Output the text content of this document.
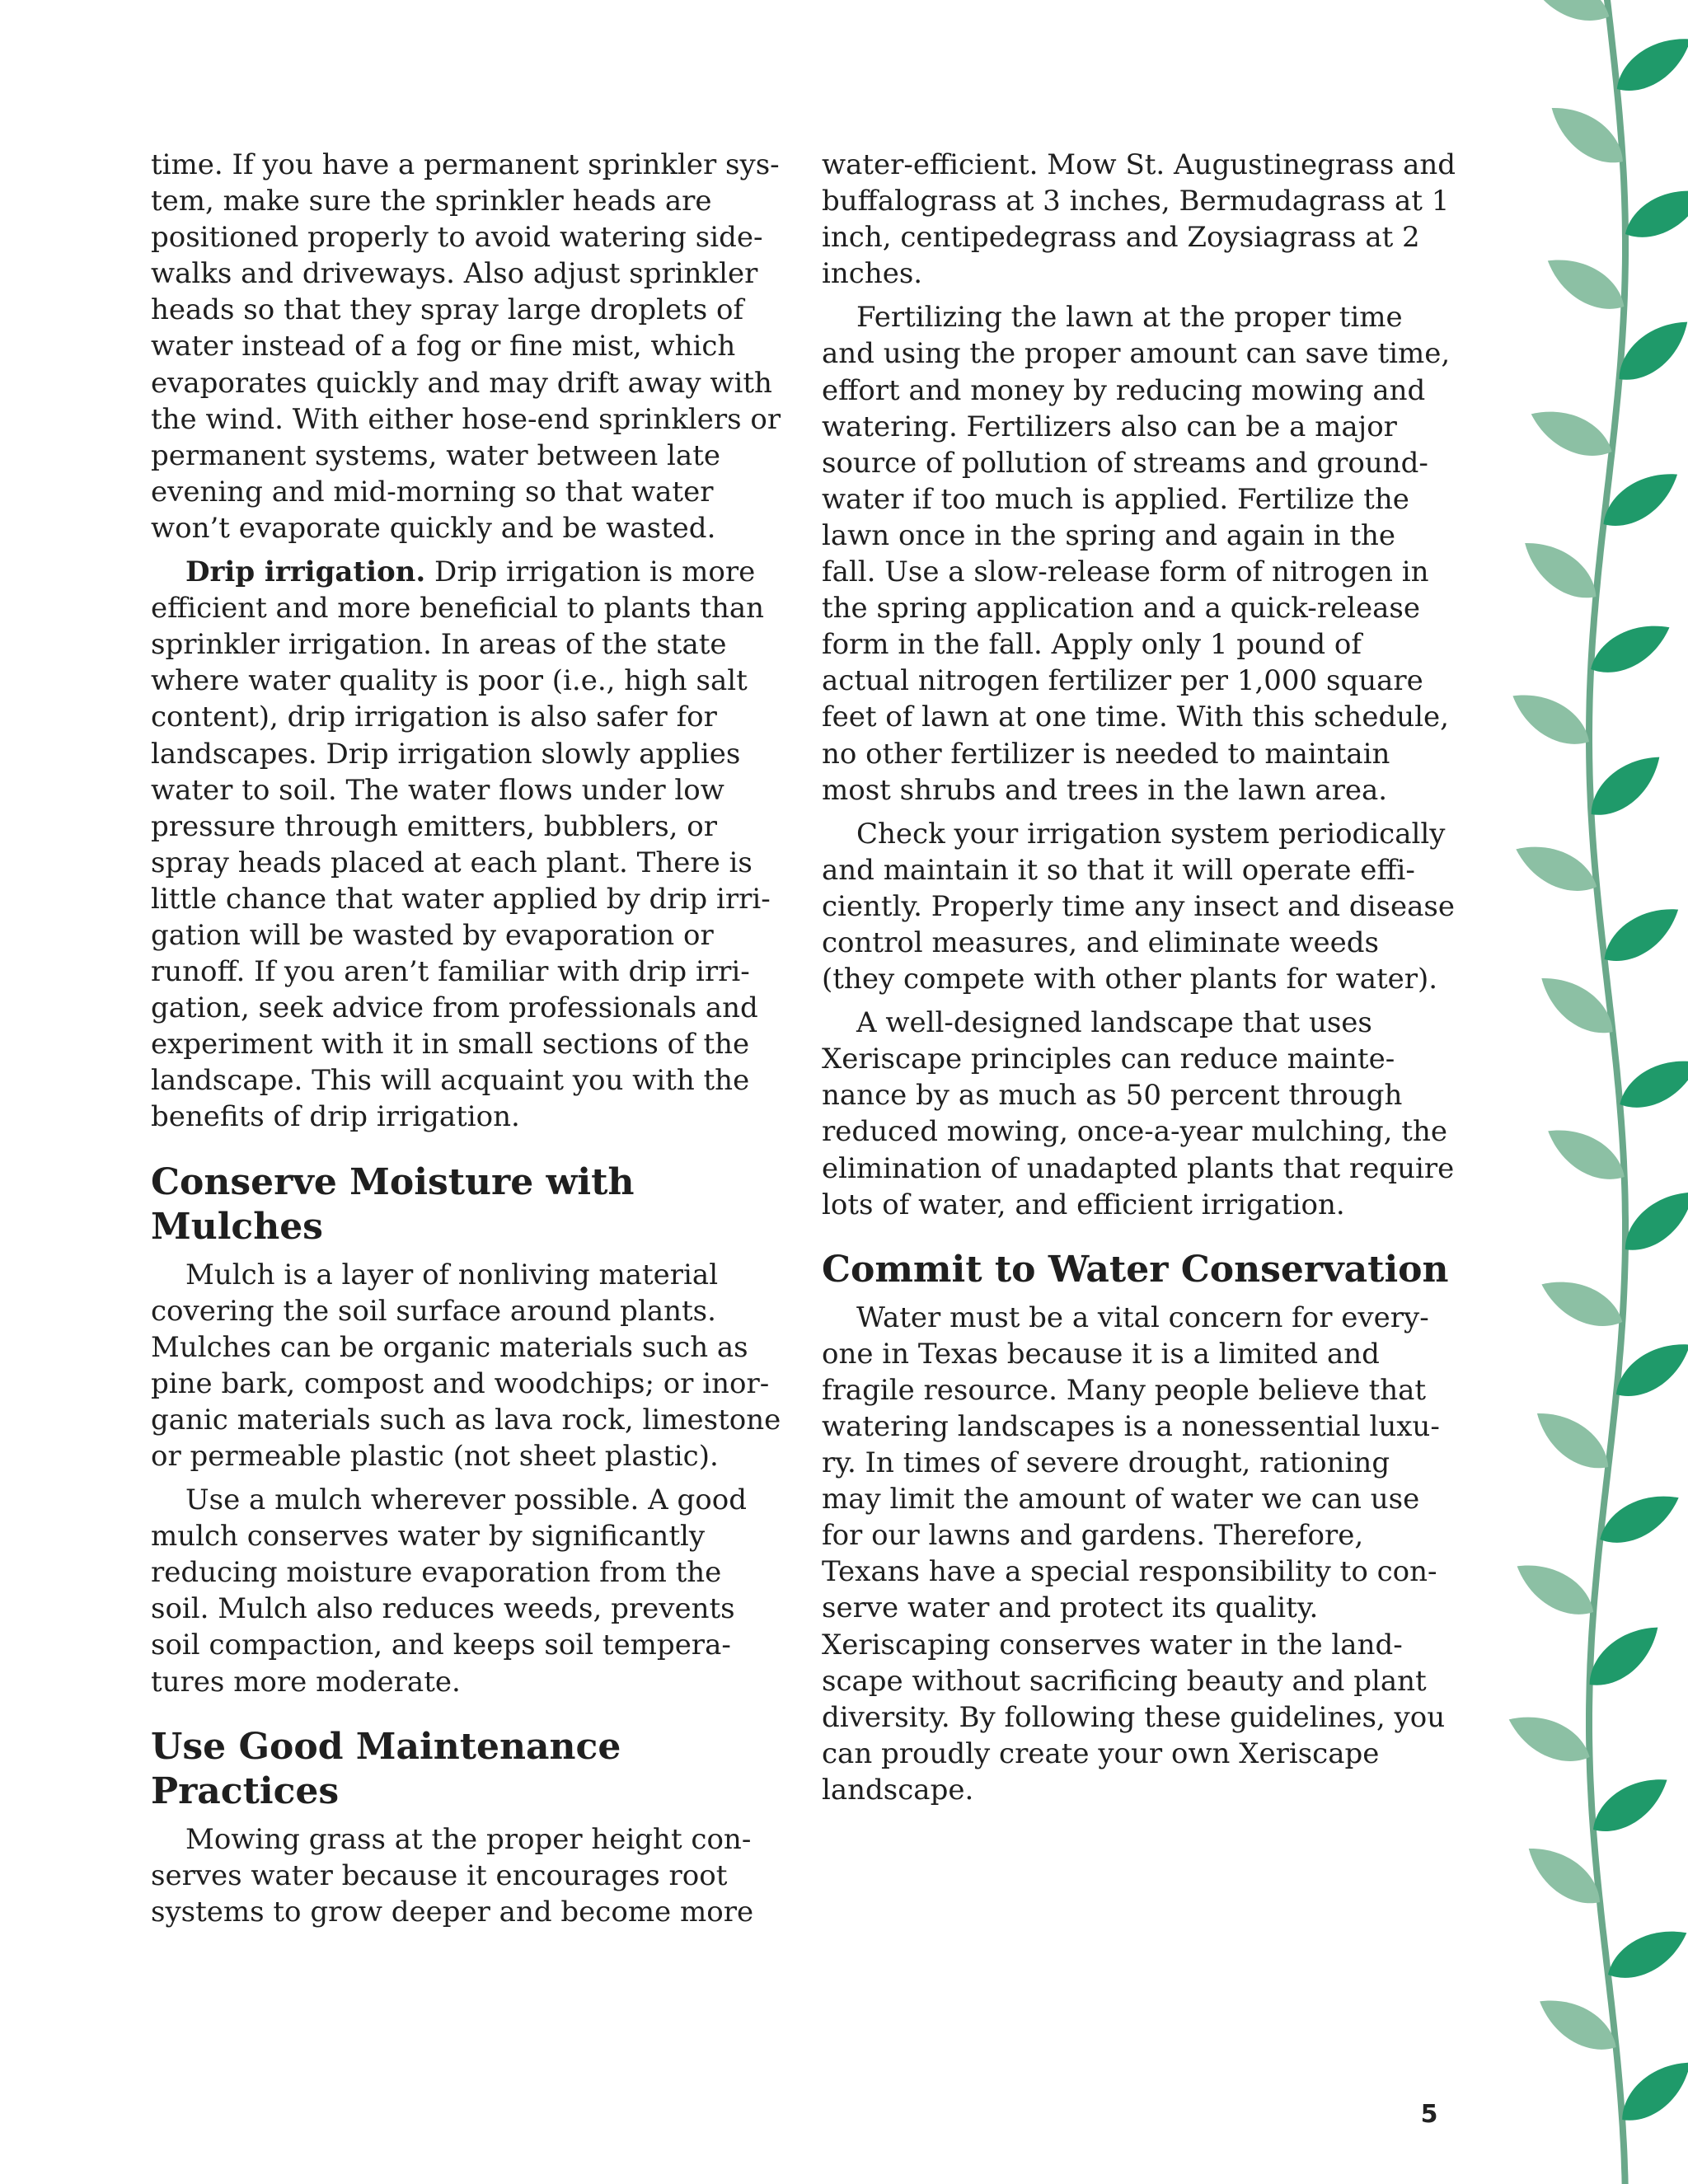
time. If you have a permanent sprinkler system, make sure the sprinkler heads are positioned properly to avoid watering sidewalks and driveways. Also adjust sprinkler heads so that they spray large droplets of water instead of a fog or fine mist, which evaporates quickly and may drift away with the wind. With either hose-end sprinklers or permanent systems, water between late evening and mid-morning so that water won’t evaporate quickly and be wasted.

Drip irrigation. Drip irrigation is more efficient and more beneficial to plants than sprinkler irrigation. In areas of the state where water quality is poor (i.e., high salt content), drip irrigation is also safer for landscapes. Drip irrigation slowly applies water to soil. The water flows under low pressure through emitters, bubblers, or spray heads placed at each plant. There is little chance that water applied by drip irrigation will be wasted by evaporation or runoff. If you aren’t familiar with drip irrigation, seek advice from professionals and experiment with it in small sections of the landscape. This will acquaint you with the benefits of drip irrigation.

Conserve Moisture with Mulches

Mulch is a layer of nonliving material covering the soil surface around plants. Mulches can be organic materials such as pine bark, compost and woodchips; or inorganic materials such as lava rock, limestone or permeable plastic (not sheet plastic).

Use a mulch wherever possible. A good mulch conserves water by significantly reducing moisture evaporation from the soil. Mulch also reduces weeds, prevents soil compaction, and keeps soil temperatures more moderate.

Use Good Maintenance Practices

Mowing grass at the proper height conserves water because it encourages root systems to grow deeper and become more

water-efficient. Mow St. Augustinegrass and buffalograss at 3 inches, Bermudagrass at 1 inch, centipedegrass and Zoysiagrass at 2 inches.

Fertilizing the lawn at the proper time and using the proper amount can save time, effort and money by reducing mowing and watering. Fertilizers also can be a major source of pollution of streams and groundwater if too much is applied. Fertilize the lawn once in the spring and again in the fall. Use a slow-release form of nitrogen in the spring application and a quick-release form in the fall. Apply only 1 pound of actual nitrogen fertilizer per 1,000 square feet of lawn at one time. With this schedule, no other fertilizer is needed to maintain most shrubs and trees in the lawn area.

Check your irrigation system periodically and maintain it so that it will operate efficiently. Properly time any insect and disease control measures, and eliminate weeds (they compete with other plants for water).

A well-designed landscape that uses Xeriscape principles can reduce maintenance by as much as 50 percent through reduced mowing, once-a-year mulching, the elimination of unadapted plants that require lots of water, and efficient irrigation.

Commit to Water Conservation

Water must be a vital concern for everyone in Texas because it is a limited and fragile resource. Many people believe that watering landscapes is a nonessential luxury. In times of severe drought, rationing may limit the amount of water we can use for our lawns and gardens. Therefore, Texans have a special responsibility to conserve water and protect its quality. Xeriscaping conserves water in the landscape without sacrificing beauty and plant diversity. By following these guidelines, you can proudly create your own Xeriscape landscape.

5
